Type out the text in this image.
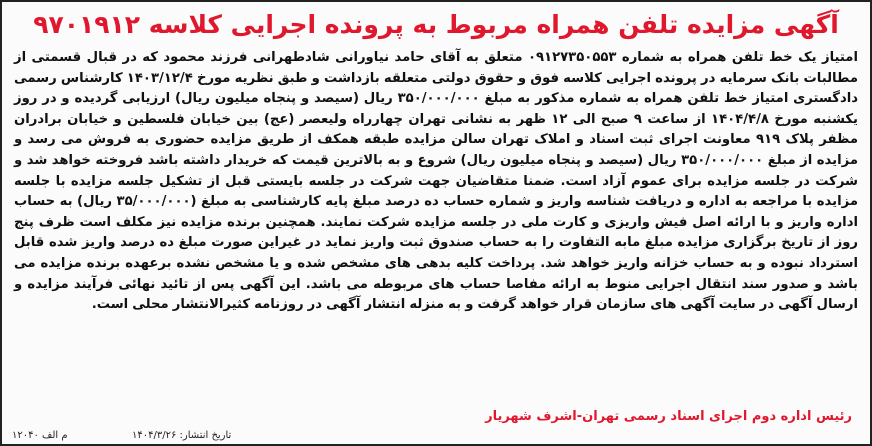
آگهی مزایده تلفن همراه مربوط به پرونده اجرایی کلاسه ۹۷۰۱۹۱۲
امتیاز یک خط تلفن همراه به شماره ۰۹۱۲۷۳۵۰۵۵۳ متعلق به آقای حامد نیاورانی شادطهرانی فرزند محمود که در قبال قسمتی از مطالبات بانک سرمایه در پرونده اجرایی کلاسه فوق و حقوق دولتی متعلقه بازداشت و طبق نظریه مورخ ۱۴۰۳/۱۲/۴ کارشناس رسمی دادگستری امتیاز خط تلفن همراه به شماره مذکور به مبلغ ۳۵۰/۰۰۰/۰۰۰ ریال (سیصد و پنجاه میلیون ریال) ارزیابی گردیده و در روز یکشنبه مورخ ۱۴۰۴/۴/۸ از ساعت ۹ صبح الی ۱۲ ظهر به نشانی تهران چهارراه ولیعصر (عج) بین خیابان فلسطین و خیابان برادران مظفر پلاک ۹۱۹ معاونت اجرای ثبت اسناد و املاک تهران سالن مزایده طبقه همکف از طریق مزایده حضوری به فروش می رسد و مزایده از مبلغ ۳۵۰/۰۰۰/۰۰۰ ریال (سیصد و پنجاه میلیون ریال) شروع و به بالاترین قیمت که خریدار داشته باشد فروخته خواهد شد و شرکت در جلسه مزایده برای عموم آزاد است. ضمنا متقاضیان جهت شرکت در جلسه بایستی قبل از تشکیل جلسه مزایده با جلسه مزایده با مراجعه به اداره و دریافت شناسه واریز و شماره حساب ده درصد مبلغ پایه کارشناسی به مبلغ (۳۵/۰۰۰/۰۰۰ ریال) به حساب اداره واریز و با ارائه اصل فیش واریزی و کارت ملی در جلسه مزایده شرکت نمایند. همچنین برنده مزایده نیز مکلف است ظرف پنج روز از تاریخ برگزاری مزایده مبلغ مابه التفاوت را به حساب صندوق ثبت واریز نماید در غیراین صورت مبلغ ده درصد واریز شده قابل استرداد نبوده و به حساب خزانه واریز خواهد شد. پرداخت کلیه بدهی های مشخص شده و یا مشخص نشده برعهده برنده مزایده می باشد و صدور سند انتقال اجرایی منوط به ارائه مفاصا حساب های مربوطه می باشد. این آگهی پس از تائید نهائی فرآیند مزایده و ارسال آگهی در سایت آگهی های سازمان قرار خواهد گرفت و به منزله انتشار آگهی در روزنامه کثیرالانتشار محلی است.
رئیس اداره دوم اجرای اسناد رسمی تهران-اشرف شهریار
تاریخ انتشار: ۱۴۰۴/۳/۲۶
م الف ۱۲۰۴۰
